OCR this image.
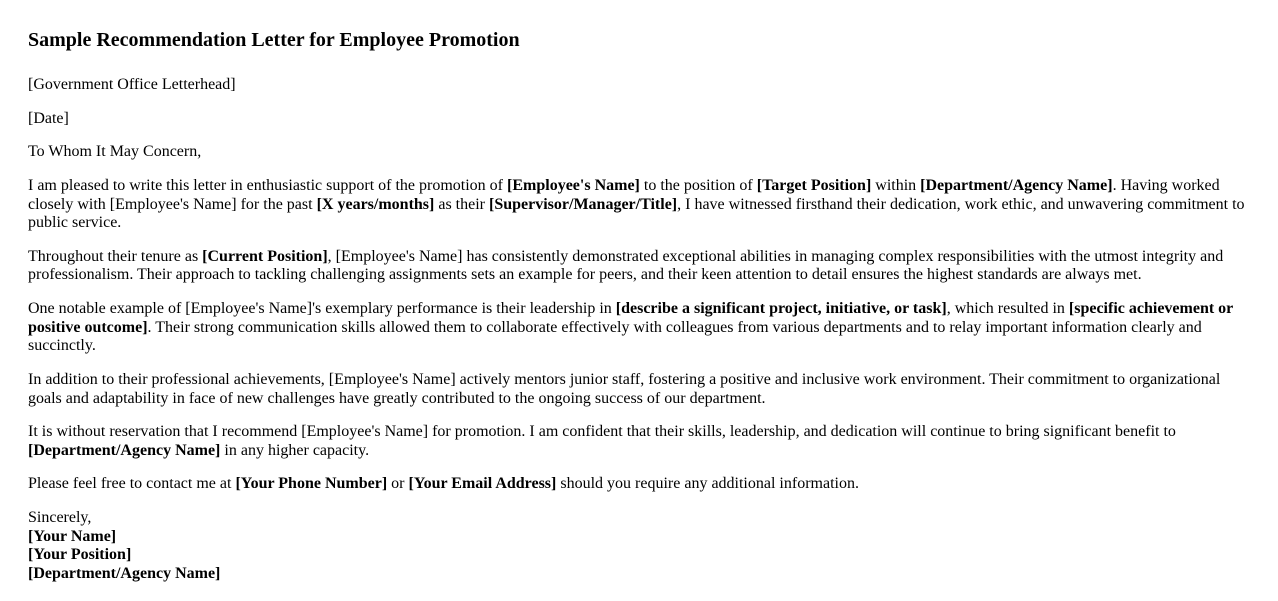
Sample Recommendation Letter for Employee Promotion

[Government Office Letterhead]

[Date]

To Whom It May Concern,

I am pleased to write this letter in enthusiastic support of the promotion of [Employee's Name] to the position of [Target Position] within [Department/Agency Name]. Having worked closely with [Employee's Name] for the past [X years/months] as their [Supervisor/Manager/Title], I have witnessed firsthand their dedication, work ethic, and unwavering commitment to public service.

Throughout their tenure as [Current Position], [Employee's Name] has consistently demonstrated exceptional abilities in managing complex responsibilities with the utmost integrity and professionalism. Their approach to tackling challenging assignments sets an example for peers, and their keen attention to detail ensures the highest standards are always met.

One notable example of [Employee's Name]'s exemplary performance is their leadership in [describe a significant project, initiative, or task], which resulted in [specific achievement or positive outcome]. Their strong communication skills allowed them to collaborate effectively with colleagues from various departments and to relay important information clearly and succinctly.

In addition to their professional achievements, [Employee's Name] actively mentors junior staff, fostering a positive and inclusive work environment. Their commitment to organizational goals and adaptability in face of new challenges have greatly contributed to the ongoing success of our department.

It is without reservation that I recommend [Employee's Name] for promotion. I am confident that their skills, leadership, and dedication will continue to bring significant benefit to [Department/Agency Name] in any higher capacity.

Please feel free to contact me at [Your Phone Number] or [Your Email Address] should you require any additional information.

Sincerely,
[Your Name]
[Your Position]
[Department/Agency Name]
